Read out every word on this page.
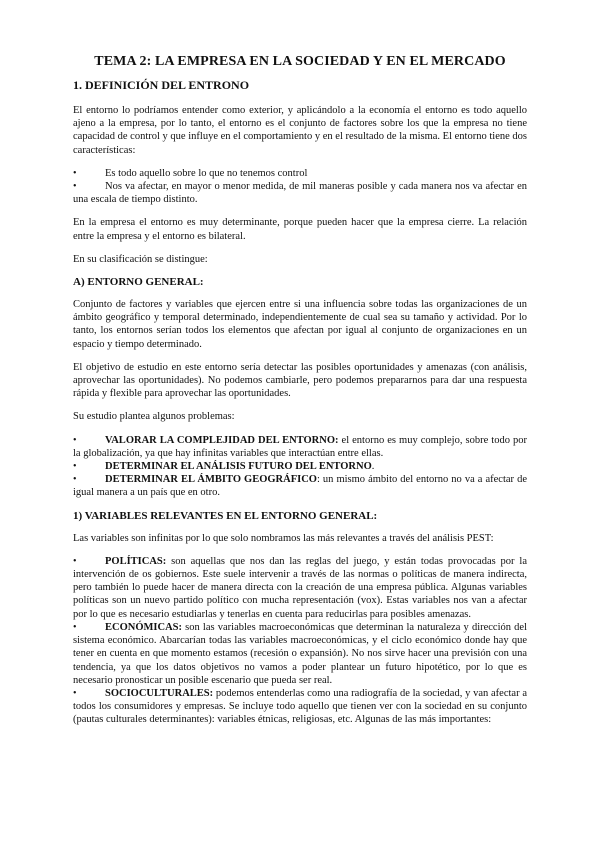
TEMA 2: LA EMPRESA EN LA SOCIEDAD Y EN EL MERCADO
1. DEFINICIÓN DEL ENTRONO

El entorno lo podríamos entender como exterior, y aplicándolo a la economía el entorno es todo aquello ajeno a la empresa, por lo tanto, el entorno es el conjunto de factores sobre los que la empresa no tiene capacidad de control y que influye en el comportamiento y en el resultado de la misma. El entorno tiene dos características:

•	Es todo aquello sobre lo que no tenemos control
•	Nos va afectar, en mayor o menor medida, de mil maneras posible y cada manera nos va afectar en una escala de tiempo distinto.

En la empresa el entorno es muy determinante, porque pueden hacer que la empresa cierre. La relación entre la empresa y el entorno es bilateral.

En su clasificación se distingue:

A) ENTORNO GENERAL:

Conjunto de factores y variables que ejercen entre si una influencia sobre todas las organizaciones de un ámbito geográfico y temporal determinado, independientemente de cual sea su tamaño y actividad. Por lo tanto, los entornos serían todos los elementos que afectan por igual al conjunto de organizaciones en un espacio y tiempo determinado.

El objetivo de estudio en este entorno sería detectar las posibles oportunidades y amenazas (con análisis, aprovechar las oportunidades). No podemos cambiarle, pero podemos prepararnos para dar una respuesta rápida y flexible para aprovechar las oportunidades.

Su estudio plantea algunos problemas:

•	VALORAR LA COMPLEJIDAD DEL ENTORNO: el entorno es muy complejo, sobre todo por la globalización, ya que hay infinitas variables que interactúan entre ellas.
•	DETERMINAR EL ANÁLISIS FUTURO DEL ENTORNO.
•	DETERMINAR EL ÁMBITO GEOGRÁFICO: un mismo ámbito del entorno no va a afectar de igual manera a un país que en otro.
1) VARIABLES RELEVANTES EN EL ENTORNO GENERAL:

Las variables son infinitas por lo que solo nombramos las más relevantes a través del análisis PEST:

•	POLÍTICAS: son aquellas que nos dan las reglas del juego, y están todas provocadas por la intervención de os gobiernos. Este suele intervenir a través de las normas o políticas de manera indirecta, pero también lo puede hacer de manera directa con la creación de una empresa pública. Algunas variables políticas son un nuevo partido político con mucha representación (vox). Estas variables nos van a afectar por lo que es necesario estudiarlas y tenerlas en cuenta para reducirlas para posibles amenazas.
•	ECONÓMICAS: son las variables macroeconómicas que determinan la naturaleza y dirección del sistema económico. Abarcarían todas las variables macroeconómicas, y el ciclo económico donde hay que tener en cuenta en que momento estamos (recesión o expansión). No nos sirve hacer una previsión con una tendencia, ya que los datos objetivos no vamos a poder plantear un futuro hipotético, por lo que es necesario pronosticar un posible escenario que pueda ser real.
•	SOCIOCULTURALES: podemos entenderlas como una radiografía de la sociedad, y van afectar a todos los consumidores y empresas. Se incluye todo aquello que tienen ver con la sociedad en su conjunto (pautas culturales determinantes): variables étnicas, religiosas, etc. Algunas de las más importantes:
